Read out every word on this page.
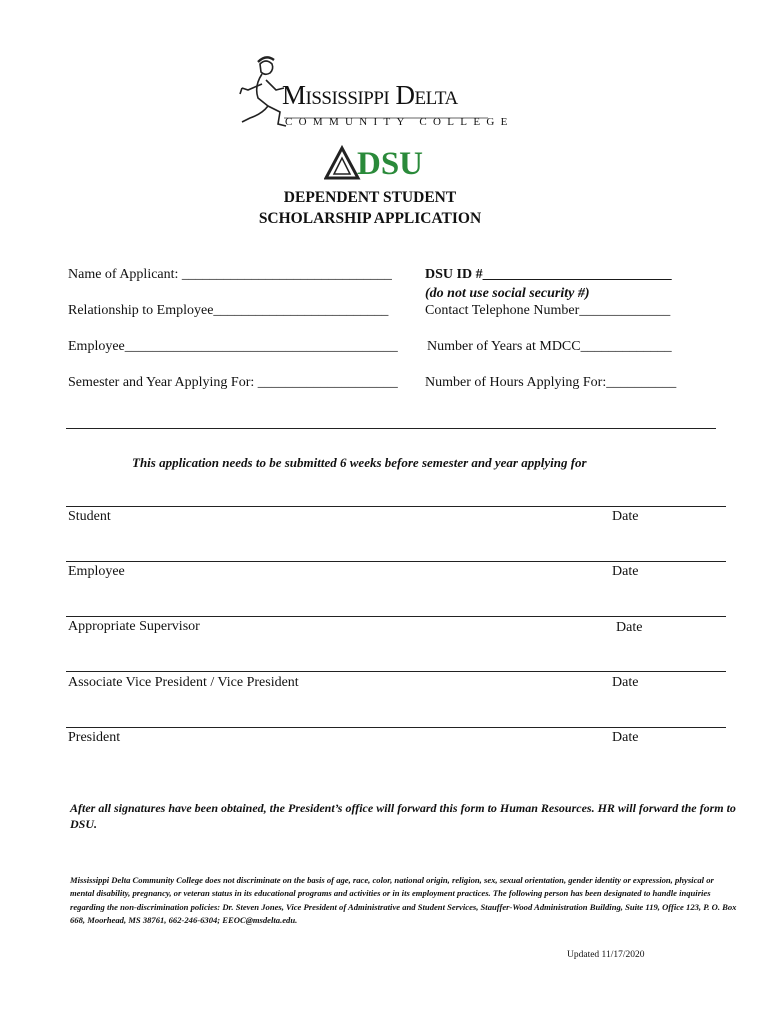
Mississippi Delta
COMMUNITY COLLEGE
DSU
DEPENDENT STUDENT
SCHOLARSHIP APPLICATION
Name of Applicant: ______________________________ DSU ID #___________________________
(do not use social security #)
Relationship to Employee_________________________	Contact Telephone Number_____________
Employee_______________________________________ Number of Years at MDCC_____________
Semester and Year Applying For: ____________________ Number of Hours Applying For:__________
This application needs to be submitted 6 weeks before semester and year applying for
Student	Date
Employee	Date
Appropriate Supervisor	Date
Associate Vice President / Vice President	Date
President	Date
After all signatures have been obtained, the President’s office will forward this form to Human Resources. HR will forward the form to DSU.
Mississippi Delta Community College does not discriminate on the basis of age, race, color, national origin, religion, sex, sexual orientation, gender identity or expression, physical or mental disability, pregnancy, or veteran status in its educational programs and activities or in its employment practices. The following person has been designated to handle inquiries regarding the non-discrimination policies: Dr. Steven Jones, Vice President of Administrative and Student Services, Stauffer-Wood Administration Building, Suite 119, Office 123, P. O. Box 668, Moorhead, MS 38761, 662-246-6304; EEOC@msdelta.edu.
Updated 11/17/2020
